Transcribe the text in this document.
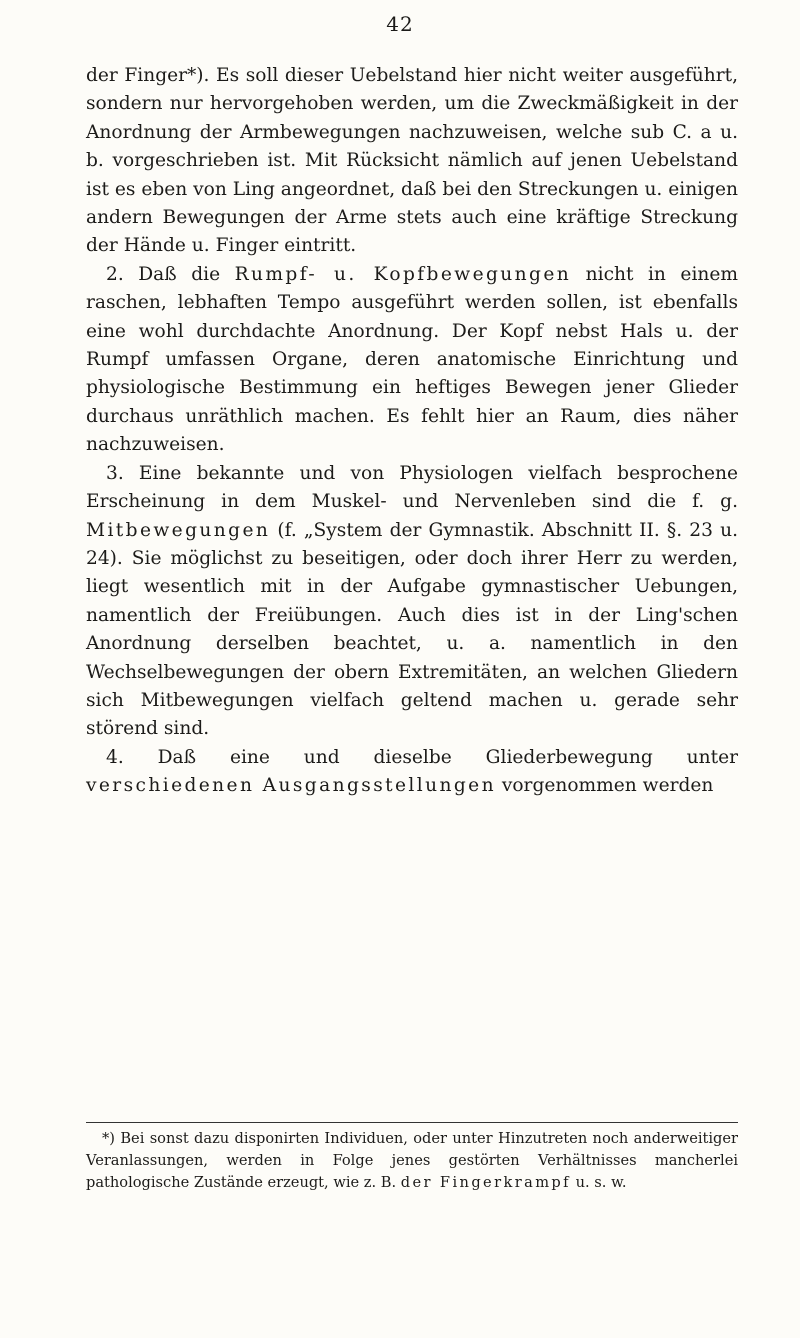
42

der Finger*). Es soll dieser Uebelstand hier nicht weiter ausgeführt, sondern nur hervorgehoben werden, um die Zweckmäßigkeit in der Anordnung der Armbewegungen nachzuweisen, welche sub C. a u. b. vorgeschrieben ist. Mit Rücksicht nämlich auf jenen Uebelstand ist es eben von Ling angeordnet, daß bei den Streckungen u. einigen andern Bewegungen der Arme stets auch eine kräftige Streckung der Hände u. Finger eintritt.

2. Daß die Rumpf- u. Kopfbewegungen nicht in einem raschen, lebhaften Tempo ausgeführt werden sollen, ist ebenfalls eine wohl durchdachte Anordnung. Der Kopf nebst Hals u. der Rumpf umfassen Organe, deren anatomische Einrichtung und physiologische Bestimmung ein heftiges Bewegen jener Glieder durchaus unräthlich machen. Es fehlt hier an Raum, dies näher nachzuweisen.

3. Eine bekannte und von Physiologen vielfach besprochene Erscheinung in dem Muskel- und Nervenleben sind die f. g. Mitbewegungen (f. „System der Gymnastik. Abschnitt II. §. 23 u. 24). Sie möglichst zu beseitigen, oder doch ihrer Herr zu werden, liegt wesentlich mit in der Aufgabe gymnastischer Uebungen, namentlich der Freiübungen. Auch dies ist in der Ling'schen Anordnung derselben beachtet, u. a. namentlich in den Wechselbewegungen der obern Extremitäten, an welchen Gliedern sich Mitbewegungen vielfach geltend machen u. gerade sehr störend sind.

4. Daß eine und dieselbe Gliederbewegung unter verschiedenen Ausgangsstellungen vorgenommen werden

*) Bei sonst dazu disponirten Individuen, oder unter Hinzutreten noch anderweitiger Veranlassungen, werden in Folge jenes gestörten Verhältnisses mancherlei pathologische Zustände erzeugt, wie z. B. der Fingerkrampf u. s. w.
